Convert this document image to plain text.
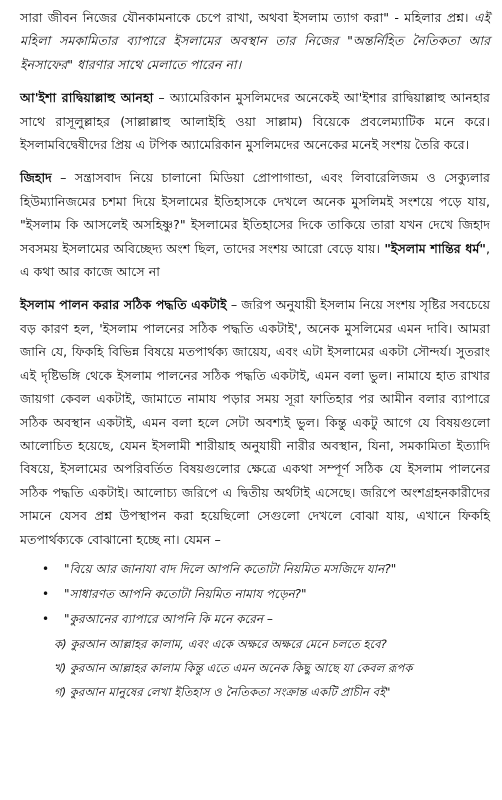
সারা জীবন নিজের যৌনকামনাকে চেপে রাখা, অথবা ইসলাম ত্যাগ করা" - মহিলার প্রশ্ন। এই মহিলা সমকামিতার ব্যাপারে ইসলামের অবস্থান তার নিজের "অন্তর্নিহিত নৈতিকতা আর ইনসাফের" ধারণার সাথে মেলাতে পারেন না।

আ'ইশা রাদ্বিয়াল্লাহু আনহা – অ্যামেরিকান মুসলিমদের অনেকেই আ'ইশার রাদ্বিয়াল্লাহু আনহার সাথে রাসূলুল্লাহর (সাল্লাল্লাহু আলাইহি ওয়া সাল্লাম) বিয়েকে প্রবলেম্যাটিক মনে করে। ইসলামবিদ্বেষীদের প্রিয় এ টপিক অ্যামেরিকান মুসলিমদের অনেকের মনেই সংশয় তৈরি করে।

জিহাদ – সন্ত্রাসবাদ নিয়ে চালানো মিডিয়া প্রোপাগান্ডা, এবং লিবারেলিজম ও সেক্যুলার হিউম্যানিজমের চশমা দিয়ে ইসলামের ইতিহাসকে দেখলে অনেক মুসলিমই সংশয়ে পড়ে যায়, "ইসলাম কি আসলেই অসহিষ্ণু?" ইসলামের ইতিহাসের দিকে তাকিয়ে তারা যখন দেখে জিহাদ সবসময় ইসলামের অবিচ্ছেদ্য অংশ ছিল, তাদের সংশয় আরো বেড়ে যায়। "ইসলাম শান্তির ধর্ম", এ কথা আর কাজে আসে না

ইসলাম পালন করার সঠিক পদ্ধতি একটাই – জরিপ অনুযায়ী ইসলাম নিয়ে সংশয় সৃষ্টির সবচেয়ে বড় কারণ হল, 'ইসলাম পালনের সঠিক পদ্ধতি একটাই', অনেক মুসলিমের এমন দাবি। আমরা জানি যে, ফিকহি বিভিন্ন বিষয়ে মতপার্থক্য জায়েয, এবং এটা ইসলামের একটা সৌন্দর্য। সুতরাং এই দৃষ্টিভঙ্গি থেকে ইসলাম পালনের সঠিক পদ্ধতি একটাই, এমন বলা ভুল। নামাযে হাত রাখার জায়গা কেবল একটাই, জামাতে নামায পড়ার সময় সূরা ফাতিহার পর আমীন বলার ব্যাপারে সঠিক অবস্থান একটাই, এমন বলা হলে সেটা অবশ্যই ভুল। কিন্তু একটু আগে যে বিষয়গুলো আলোচিত হয়েছে, যেমন ইসলামী শারীয়াহ অনুযায়ী নারীর অবস্থান, যিনা, সমকামিতা ইত্যাদি বিষয়ে, ইসলামের অপরিবর্তিত বিষয়গুলোর ক্ষেত্রে একথা সম্পূর্ণ সঠিক যে ইসলাম পালনের সঠিক পদ্ধতি একটাই। আলোচ্য জরিপে এ দ্বিতীয় অর্থটাই এসেছে। জরিপে অংশগ্রহনকারীদের সামনে যেসব প্রশ্ন উপস্থাপন করা হয়েছিলো সেগুলো দেখলে বোঝা যায়, এখানে ফিকহি মতপার্থক্যকে বোঝানো হচ্ছে না। যেমন –

• "বিয়ে আর জানাযা বাদ দিলে আপনি কতোটা নিয়মিত মসজিদে যান?"
• "সাধারণত আপনি কতোটা নিয়মিত নামায পড়েন?"
• "কুরআনের ব্যাপারে আপনি কি মনে করেন –
ক) কুরআন আল্লাহর কালাম, এবং একে অক্ষরে অক্ষরে মেনে চলতে হবে?
খ) কুরআন আল্লাহর কালাম কিন্তু এতে এমন অনেক কিছু আছে যা কেবল রূপক
গ) কুরআন মানুষের লেখা ইতিহাস ও নৈতিকতা সংক্রান্ত একটি প্রাচীন বই"
